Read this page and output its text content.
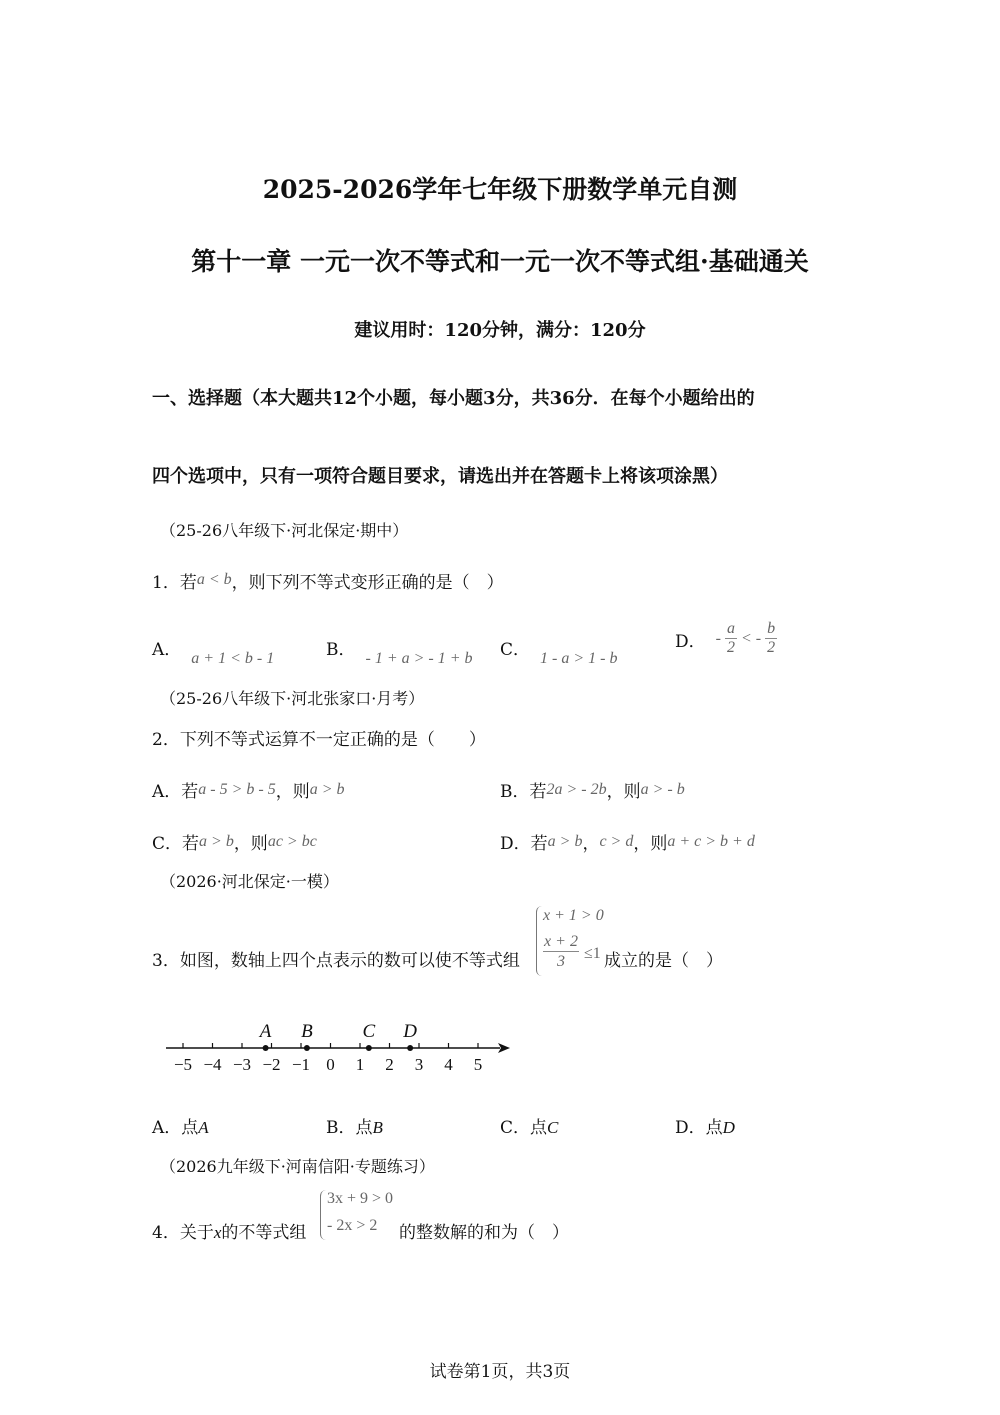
2025-2026学年七年级下册数学单元自测
第十一章 一元一次不等式和一元一次不等式组·基础通关
建议用时：120分钟，满分：120分
一、选择题（本大题共12个小题，每小题3分，共36分．在每个小题给出的
四个选项中，只有一项符合题目要求，请选出并在答题卡上将该项涂黑）
（25-26八年级下·河北保定·期中）
1．若a < b，则下列不等式变形正确的是（　）
A． a + 1 < b - 1	B． - 1 + a > - 1 + b C． 1 - a > 1 - b
D． - $\frac{a}{2}$ < - $\frac{b}{2}$
（25-26八年级下·河北张家口·月考）
2．下列不等式运算不一定正确的是（　　）
A．若a - 5 > b - 5，则a > b	B．若2a > - 2b，则a > - b
C．若a > b，则ac > bc	D．若a > b，c > d，则a + c > b + d
（2026·河北保定·一模）
3．如图，数轴上四个点表示的数可以使不等式组
x + 1 > 0
$\frac{x + 2}{3} \le 1$ 成立的是（　）
−5 −4 −3 −2 −1 0 1 2 3 4 5
A B	C D
A．点A	B．点B	C．点C	D．点D
（2026九年级下·河南信阳·专题练习）
3x + 9 > 0
- 2x > 2
4．关于x的不等式组	的整数解的和为（　）
试卷第1页，共3页
